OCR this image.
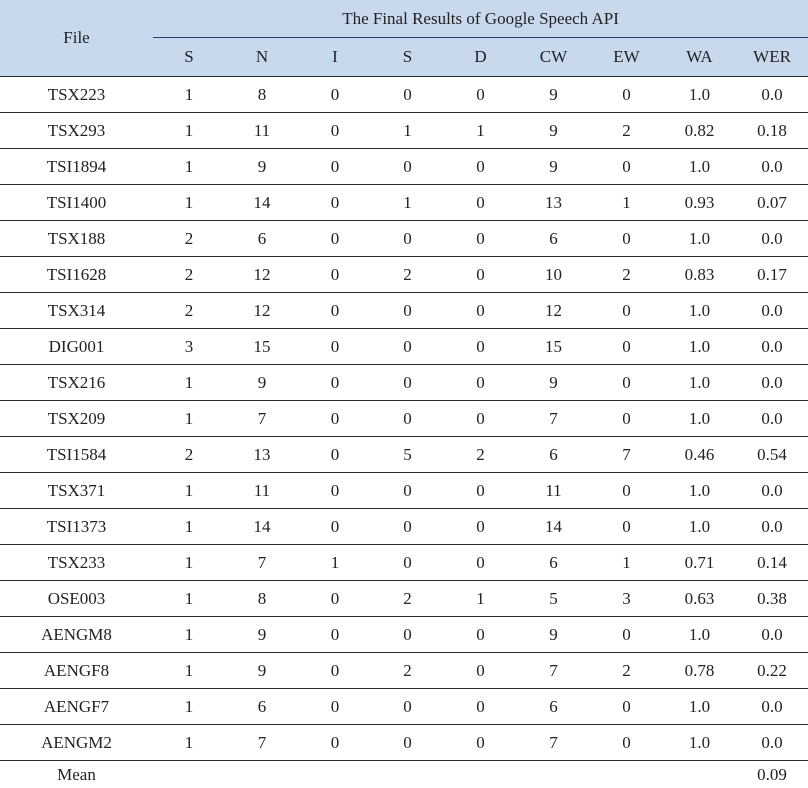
File	The Final Results of Google Speech API								
	S	N	I	S	D	CW	EW	WA	WER
TSX223	1	8	0	0	0	9	0	1.0	0.0
TSX293	1	11	0	1	1	9	2	0.82	0.18
TSI1894	1	9	0	0	0	9	0	1.0	0.0
TSI1400	1	14	0	1	0	13	1	0.93	0.07
TSX188	2	6	0	0	0	6	0	1.0	0.0
TSI1628	2	12	0	2	0	10	2	0.83	0.17
TSX314	2	12	0	0	0	12	0	1.0	0.0
DIG001	3	15	0	0	0	15	0	1.0	0.0
TSX216	1	9	0	0	0	9	0	1.0	0.0
TSX209	1	7	0	0	0	7	0	1.0	0.0
TSI1584	2	13	0	5	2	6	7	0.46	0.54
TSX371	1	11	0	0	0	11	0	1.0	0.0
TSI1373	1	14	0	0	0	14	0	1.0	0.0
TSX233	1	7	1	0	0	6	1	0.71	0.14
OSE003	1	8	0	2	1	5	3	0.63	0.38
AENGM8	1	9	0	0	0	9	0	1.0	0.0
AENGF8	1	9	0	2	0	7	2	0.78	0.22
AENGF7	1	6	0	0	0	6	0	1.0	0.0
AENGM2	1	7	0	0	0	7	0	1.0	0.0
Mean									0.09
